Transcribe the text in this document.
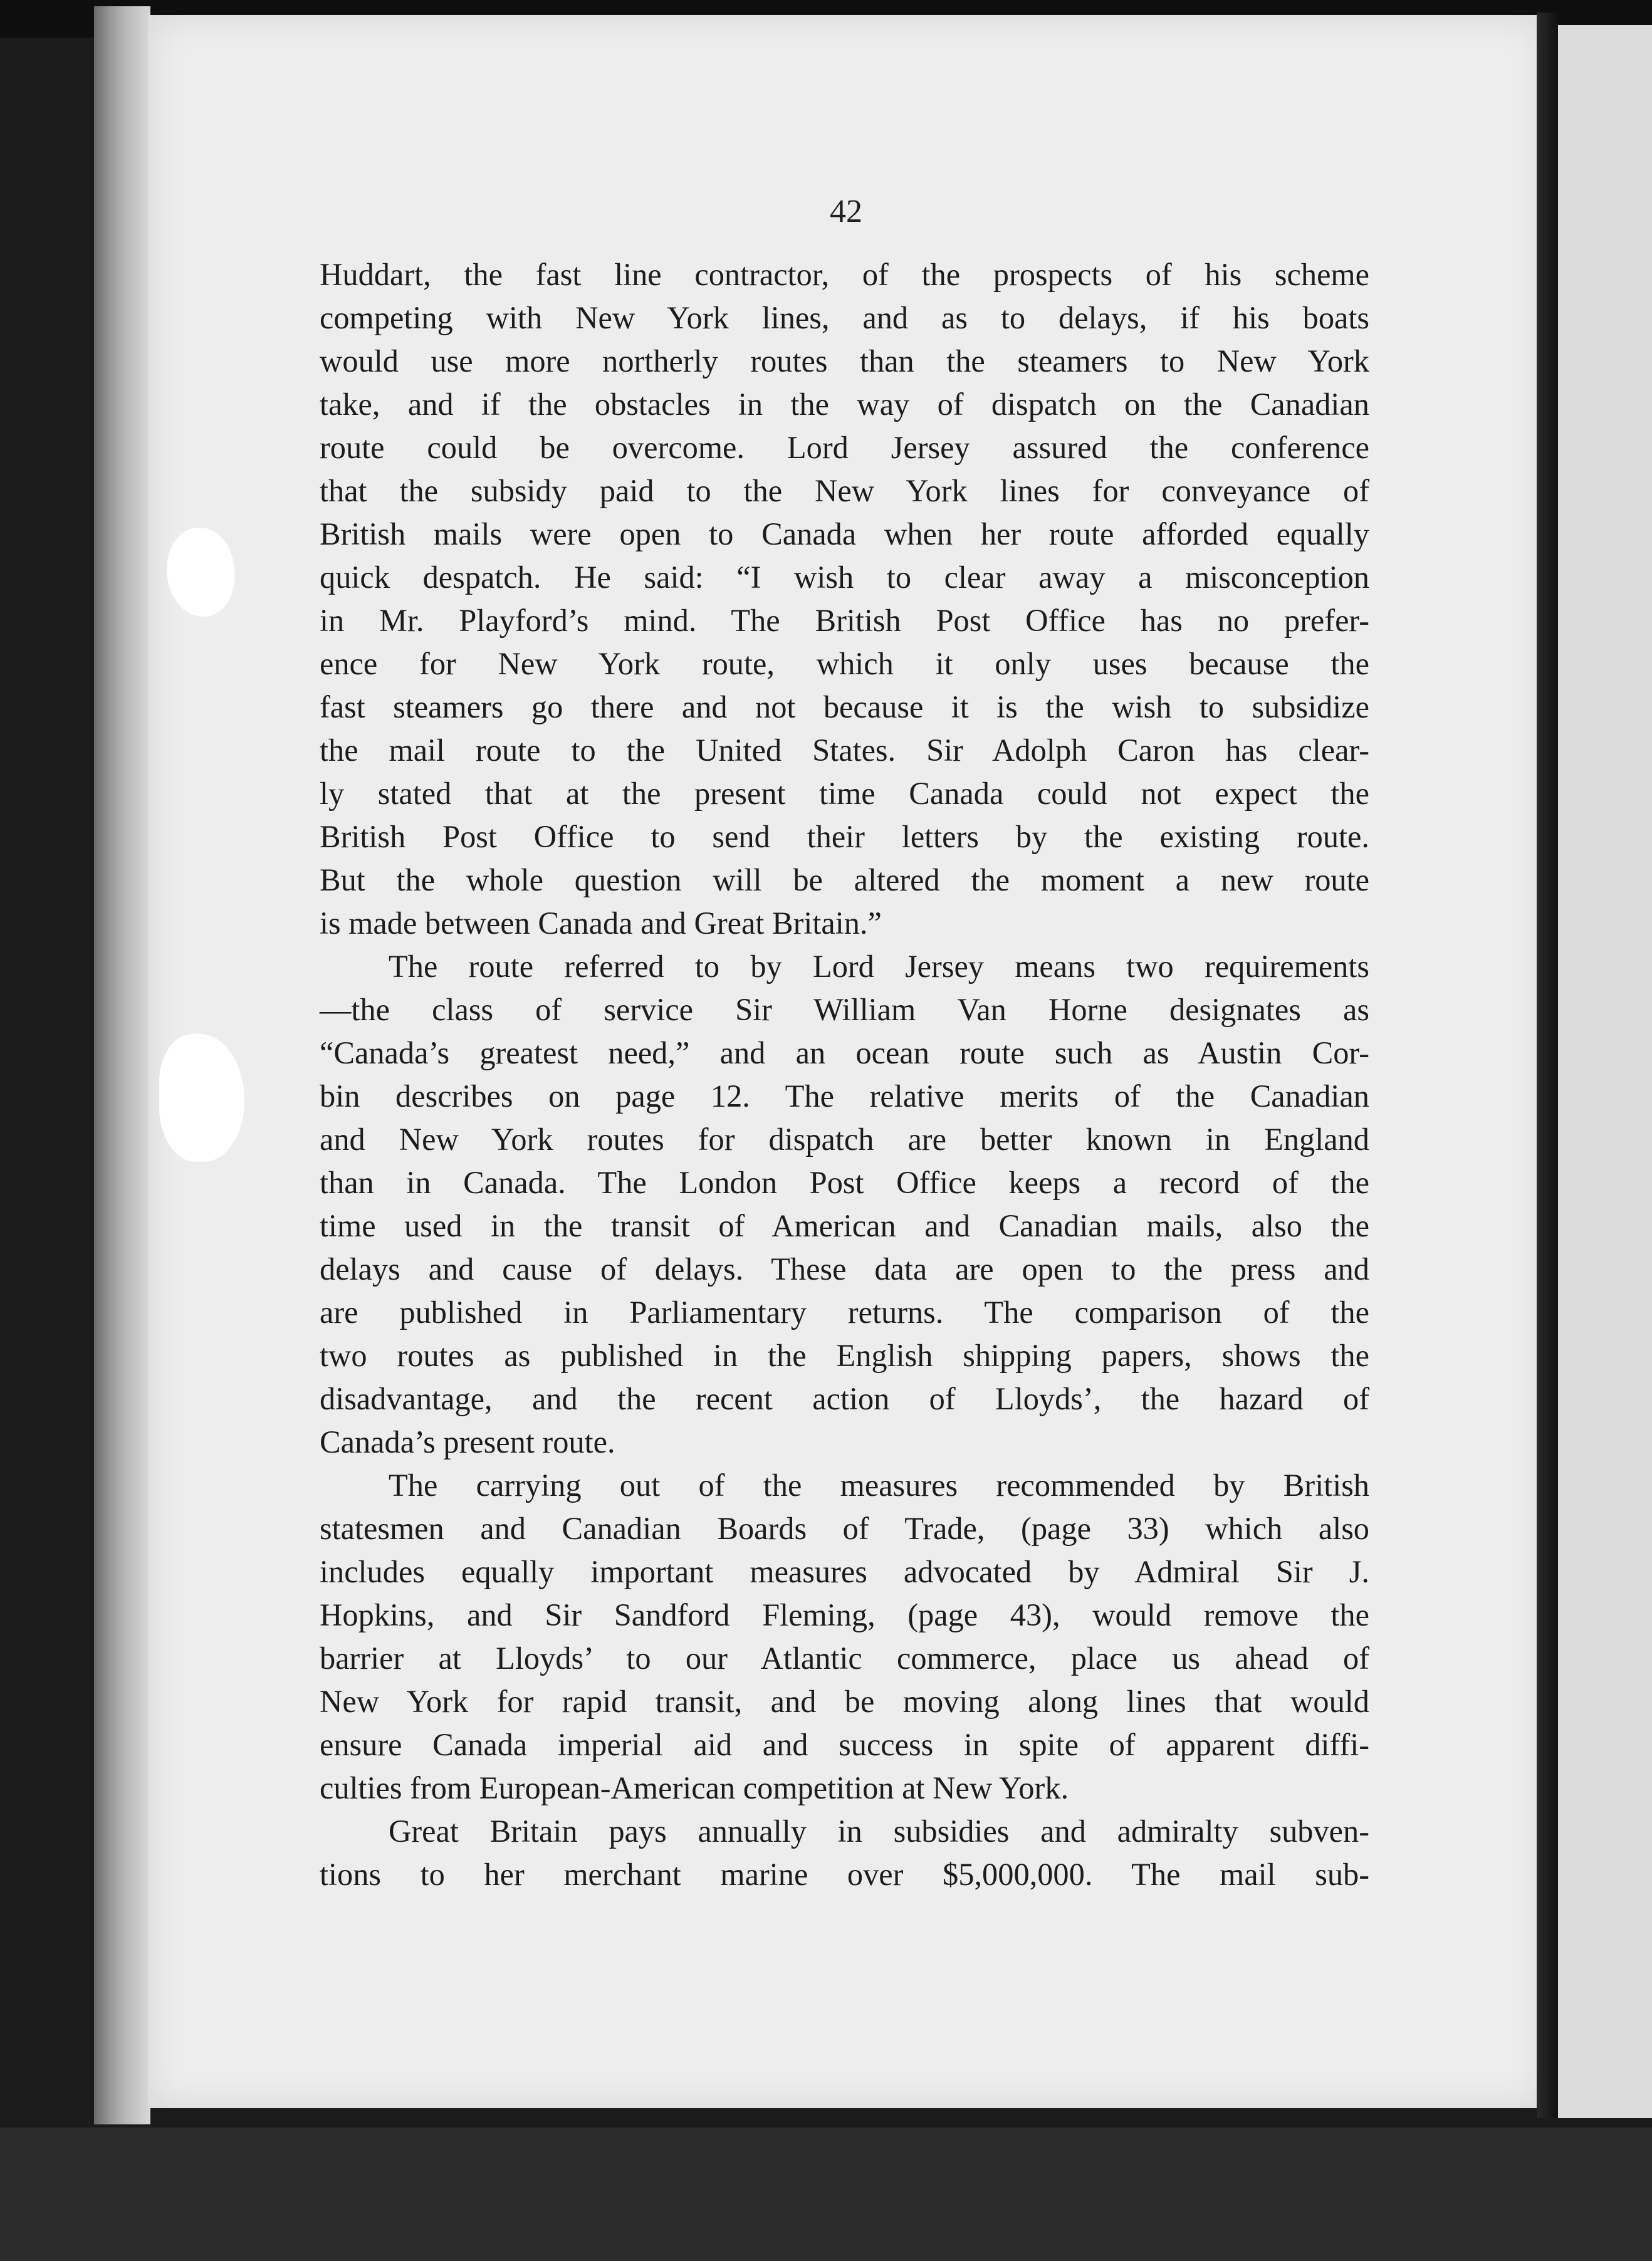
42
Huddart, the fast line contractor, of the prospects of his scheme
competing with New York lines, and as to delays, if his boats
would use more northerly routes than the steamers to New York
take, and if the obstacles in the way of dispatch on the Canadian
route could be overcome. Lord Jersey assured the conference
that the subsidy paid to the New York lines for conveyance of
British mails were open to Canada when her route afforded equally
quick despatch. He said: “I wish to clear away a misconception
in Mr. Playford’s mind. The British Post Office has no prefer-
ence for New York route, which it only uses because the
fast steamers go there and not because it is the wish to subsidize
the mail route to the United States. Sir Adolph Caron has clear-
ly stated that at the present time Canada could not expect the
British Post Office to send their letters by the existing route.
But the whole question will be altered the moment a new route
is made between Canada and Great Britain.”
The route referred to by Lord Jersey means two requirements
—the class of service Sir William Van Horne designates as
“Canada’s greatest need,” and an ocean route such as Austin Cor-
bin describes on page 12. The relative merits of the Canadian
and New York routes for dispatch are better known in England
than in Canada. The London Post Office keeps a record of the
time used in the transit of American and Canadian mails, also the
delays and cause of delays. These data are open to the press and
are published in Parliamentary returns. The comparison of the
two routes as published in the English shipping papers, shows the
disadvantage, and the recent action of Lloyds’, the hazard of
Canada’s present route.
The carrying out of the measures recommended by British
statesmen and Canadian Boards of Trade, (page 33) which also
includes equally important measures advocated by Admiral Sir J.
Hopkins, and Sir Sandford Fleming, (page 43), would remove the
barrier at Lloyds’ to our Atlantic commerce, place us ahead of
New York for rapid transit, and be moving along lines that would
ensure Canada imperial aid and success in spite of apparent diffi-
culties from European-American competition at New York.
Great Britain pays annually in subsidies and admiralty subven-
tions to her merchant marine over $5,000,000. The mail sub-
